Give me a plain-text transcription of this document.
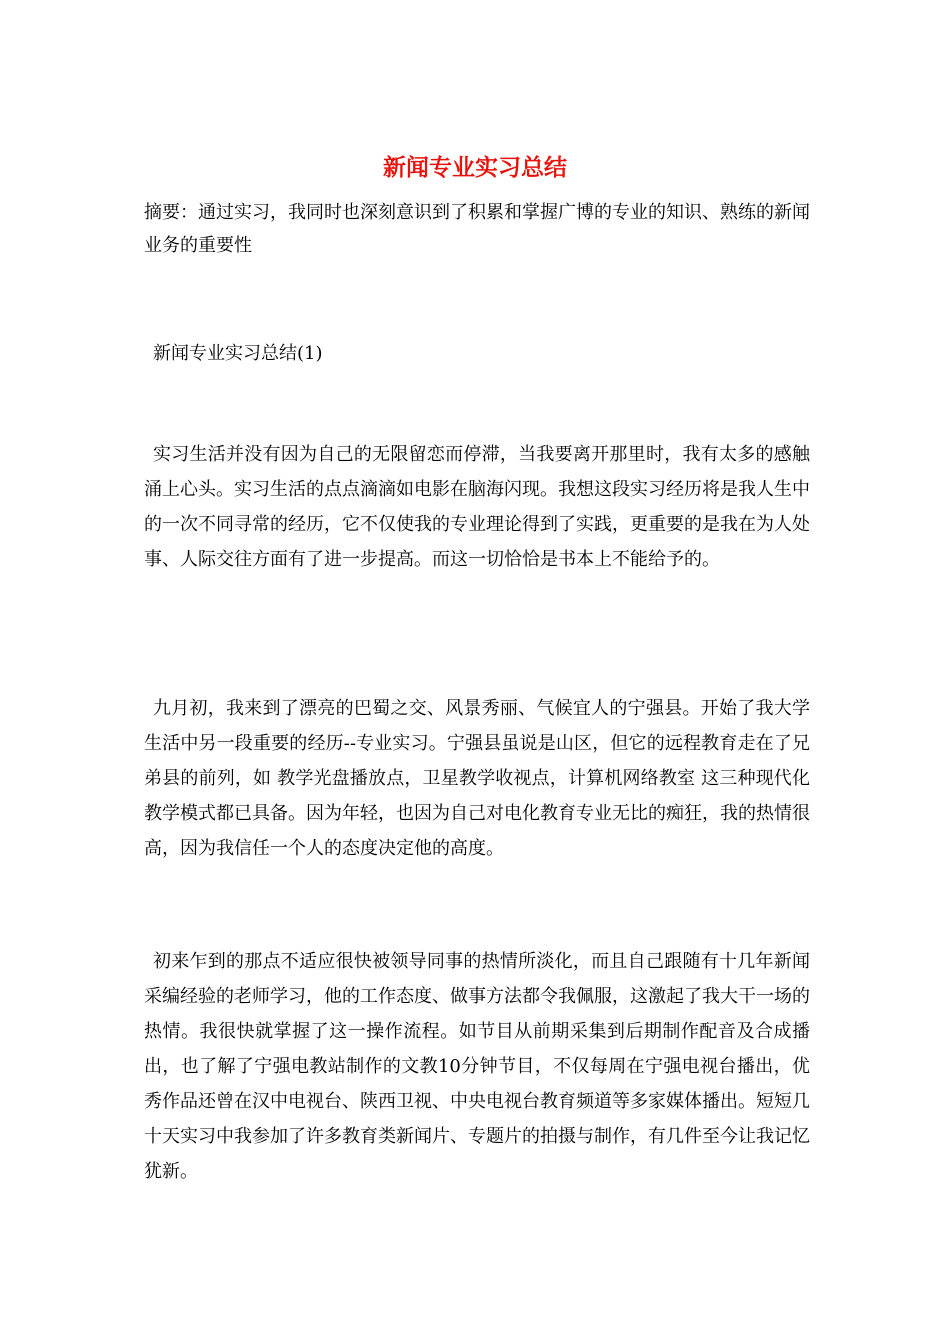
新闻专业实习总结

摘要：通过实习，我同时也深刻意识到了积累和掌握广博的专业的知识、熟练的新闻业务的重要性

新闻专业实习总结(1)

实习生活并没有因为自己的无限留恋而停滞，当我要离开那里时，我有太多的感触涌上心头。实习生活的点点滴滴如电影在脑海闪现。我想这段实习经历将是我人生中的一次不同寻常的经历，它不仅使我的专业理论得到了实践，更重要的是我在为人处事、人际交往方面有了进一步提高。而这一切恰恰是书本上不能给予的。

九月初，我来到了漂亮的巴蜀之交、风景秀丽、气候宜人的宁强县。开始了我大学生活中另一段重要的经历--专业实习。宁强县虽说是山区，但它的远程教育走在了兄弟县的前列，如 教学光盘播放点，卫星教学收视点，计算机网络教室 这三种现代化教学模式都已具备。因为年轻，也因为自己对电化教育专业无比的痴狂，我的热情很高，因为我信任一个人的态度决定他的高度。

初来乍到的那点不适应很快被领导同事的热情所淡化，而且自己跟随有十几年新闻采编经验的老师学习，他的工作态度、做事方法都令我佩服，这激起了我大干一场的热情。我很快就掌握了这一操作流程。如节目从前期采集到后期制作配音及合成播出，也了解了宁强电教站制作的文教10分钟节目，不仅每周在宁强电视台播出，优秀作品还曾在汉中电视台、陕西卫视、中央电视台教育频道等多家媒体播出。短短几十天实习中我参加了许多教育类新闻片、专题片的拍摄与制作，有几件至今让我记忆犹新。
